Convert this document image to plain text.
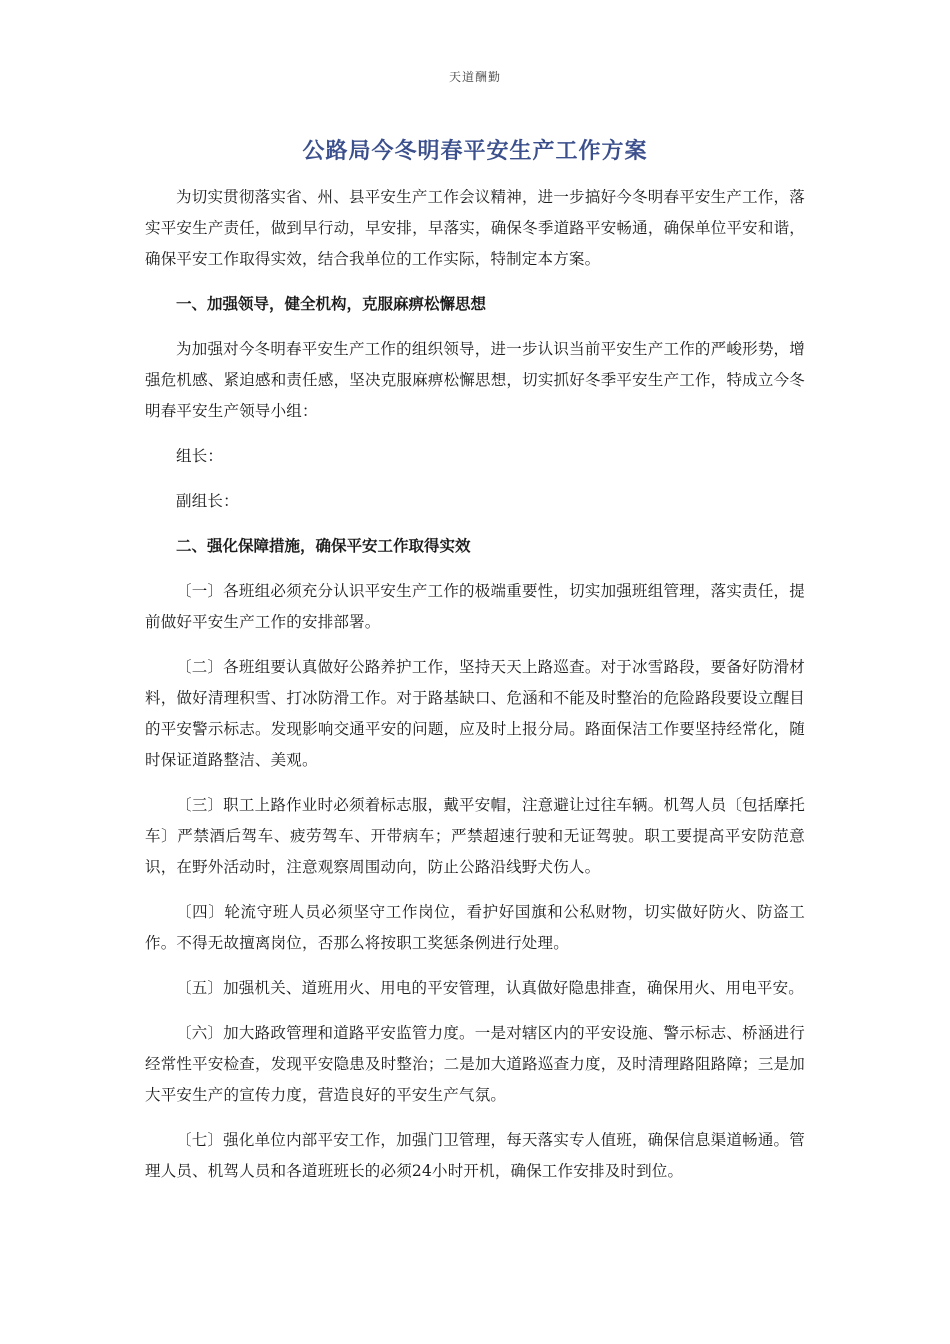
天道酬勤
公路局今冬明春平安生产工作方案

为切实贯彻落实省、州、县平安生产工作会议精神，进一步搞好今冬明春平安生产工作，落实平安生产责任，做到早行动，早安排，早落实，确保冬季道路平安畅通，确保单位平安和谐，确保平安工作取得实效，结合我单位的工作实际，特制定本方案。

一、加强领导，健全机构，克服麻痹松懈思想

为加强对今冬明春平安生产工作的组织领导，进一步认识当前平安生产工作的严峻形势，增强危机感、紧迫感和责任感，坚决克服麻痹松懈思想，切实抓好冬季平安生产工作，特成立今冬明春平安生产领导小组：

组长：

副组长：

二、强化保障措施，确保平安工作取得实效

〔一〕各班组必须充分认识平安生产工作的极端重要性，切实加强班组管理，落实责任，提前做好平安生产工作的安排部署。

〔二〕各班组要认真做好公路养护工作，坚持天天上路巡查。对于冰雪路段，要备好防滑材料，做好清理积雪、打冰防滑工作。对于路基缺口、危涵和不能及时整治的危险路段要设立醒目的平安警示标志。发现影响交通平安的问题，应及时上报分局。路面保洁工作要坚持经常化，随时保证道路整洁、美观。

〔三〕职工上路作业时必须着标志服，戴平安帽，注意避让过往车辆。机驾人员〔包括摩托车〕严禁酒后驾车、疲劳驾车、开带病车；严禁超速行驶和无证驾驶。职工要提高平安防范意识，在野外活动时，注意观察周围动向，防止公路沿线野犬伤人。

〔四〕轮流守班人员必须坚守工作岗位，看护好国旗和公私财物，切实做好防火、防盗工作。不得无故擅离岗位，否那么将按职工奖惩条例进行处理。

〔五〕加强机关、道班用火、用电的平安管理，认真做好隐患排查，确保用火、用电平安。

〔六〕加大路政管理和道路平安监管力度。一是对辖区内的平安设施、警示标志、桥涵进行经常性平安检查，发现平安隐患及时整治；二是加大道路巡查力度，及时清理路阻路障；三是加大平安生产的宣传力度，营造良好的平安生产气氛。

〔七〕强化单位内部平安工作，加强门卫管理，每天落实专人值班，确保信息渠道畅通。管理人员、机驾人员和各道班班长的必须24小时开机，确保工作安排及时到位。
